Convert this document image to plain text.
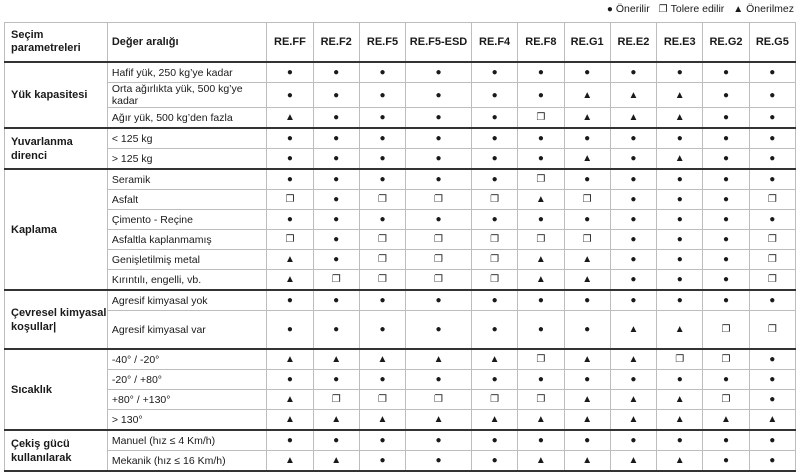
● Önerilir ❐ Tolere edilir ▲ Önerilmez
Seçim parametreleri	Değer aralığı	RE.FF	RE.F2	RE.F5	RE.F5-ESD	RE.F4	RE.F8	RE.G1	RE.E2	RE.E3	RE.G2	RE.G5
Yük kapasitesi	Hafif yük, 250 kg’ye kadar	●	●	●	●	●	●	●	●	●	●	●
	Orta ağırlıkta yük, 500 kg’ye kadar	●	●	●	●	●	●	▲	▲	▲	●	●
	Ağır yük, 500 kg’den fazla	▲	●	●	●	●	❐	▲	▲	▲	●	●
Yuvarlanma direnci	< 125 kg	●	●	●	●	●	●	●	●	●	●	●
	> 125 kg	●	●	●	●	●	●	▲	●	▲	●	●
Kaplama	Seramik	●	●	●	●	●	❐	●	●	●	●	●
	Asfalt	❐	●	❐	❐	❐	▲	❐	●	●	●	❐
	Çimento - Reçine	●	●	●	●	●	●	●	●	●	●	●
	Asfaltla kaplanmamış	❐	●	❐	❐	❐	❐	❐	●	●	●	❐
	Genişletilmiş metal	▲	●	❐	❐	❐	▲	▲	●	●	●	❐
	Kırıntılı, engelli, vb.	▲	❐	❐	❐	❐	▲	▲	●	●	●	❐
Çevresel kimyasal koşullar|	Agresif kimyasal yok	●	●	●	●	●	●	●	●	●	●	●
	Agresif kimyasal var	●	●	●	●	●	●	●	▲	▲	❐	❐
Sıcaklık	-40° / -20°	▲	▲	▲	▲	▲	❐	▲	▲	❐	❐	●
	-20° / +80°	●	●	●	●	●	●	●	●	●	●	●
	+80° / +130°	▲	❐	❐	❐	❐	❐	▲	▲	▲	❐	●
	> 130°	▲	▲	▲	▲	▲	▲	▲	▲	▲	▲	▲
Çekiş gücü kullanılarak	Manuel (hız ≤ 4 Km/h)	●	●	●	●	●	●	●	●	●	●	●
	Mekanik (hız ≤ 16 Km/h)	▲	▲	●	●	●	▲	▲	▲	▲	●	●
